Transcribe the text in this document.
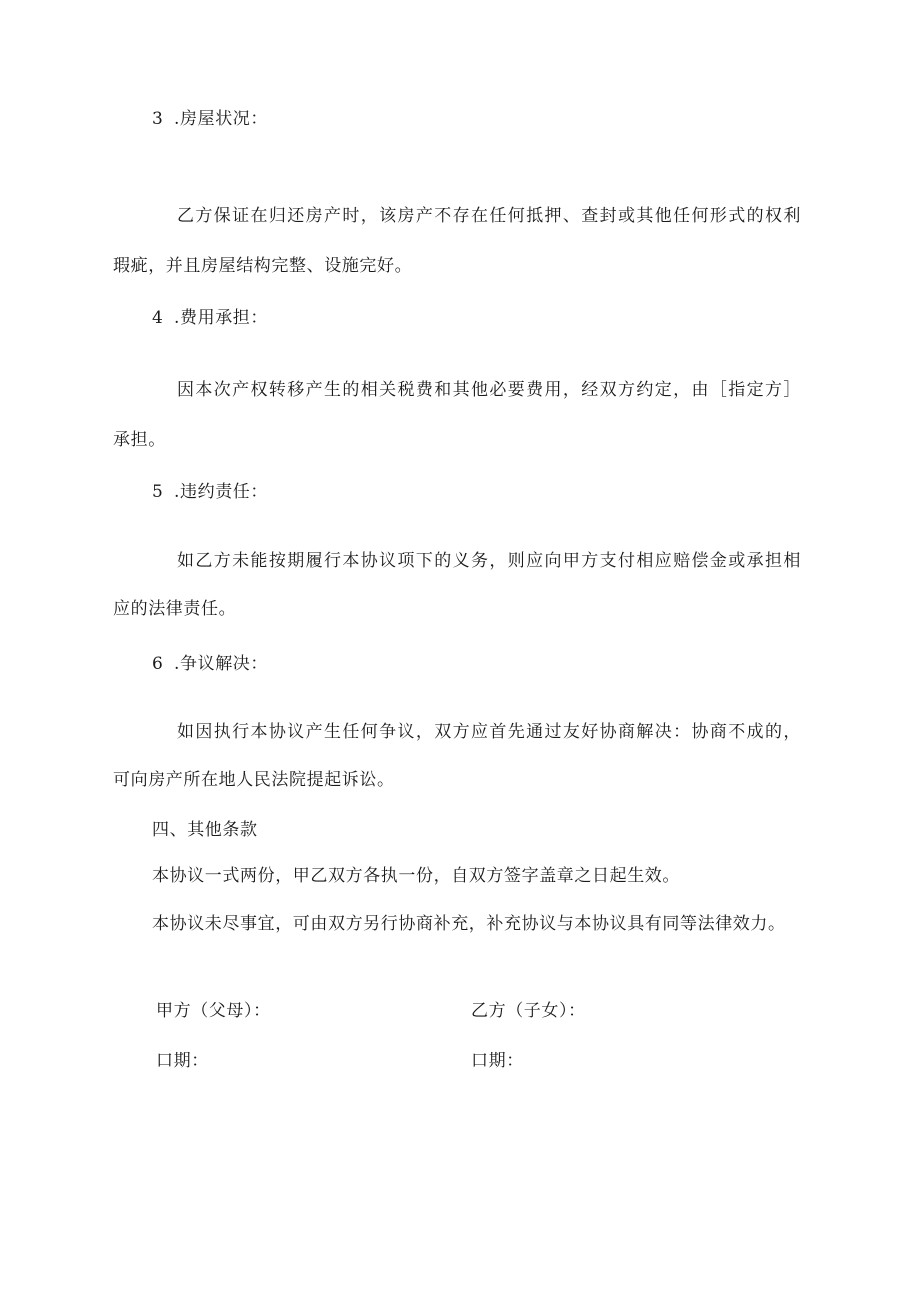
3 .房屋状况：
乙方保证在归还房产时，该房产不存在任何抵押、查封或其他任何形式的权利
瑕疵，并且房屋结构完整、设施完好。
4 .费用承担：
因本次产权转移产生的相关税费和其他必要费用，经双方约定，由［指定方］
承担。
5 .违约责任：
如乙方未能按期履行本协议项下的义务，则应向甲方支付相应赔偿金或承担相
应的法律责任。
6 .争议解决：
如因执行本协议产生任何争议，双方应首先通过友好协商解决：协商不成的，
可向房产所在地人民法院提起诉讼。
四、其他条款
本协议一式两份，甲乙双方各执一份，自双方签字盖章之日起生效。
本协议未尽事宜，可由双方另行协商补充，补充协议与本协议具有同等法律效力。
甲方（父母）：	乙方（子女）：
口期：	口期：
